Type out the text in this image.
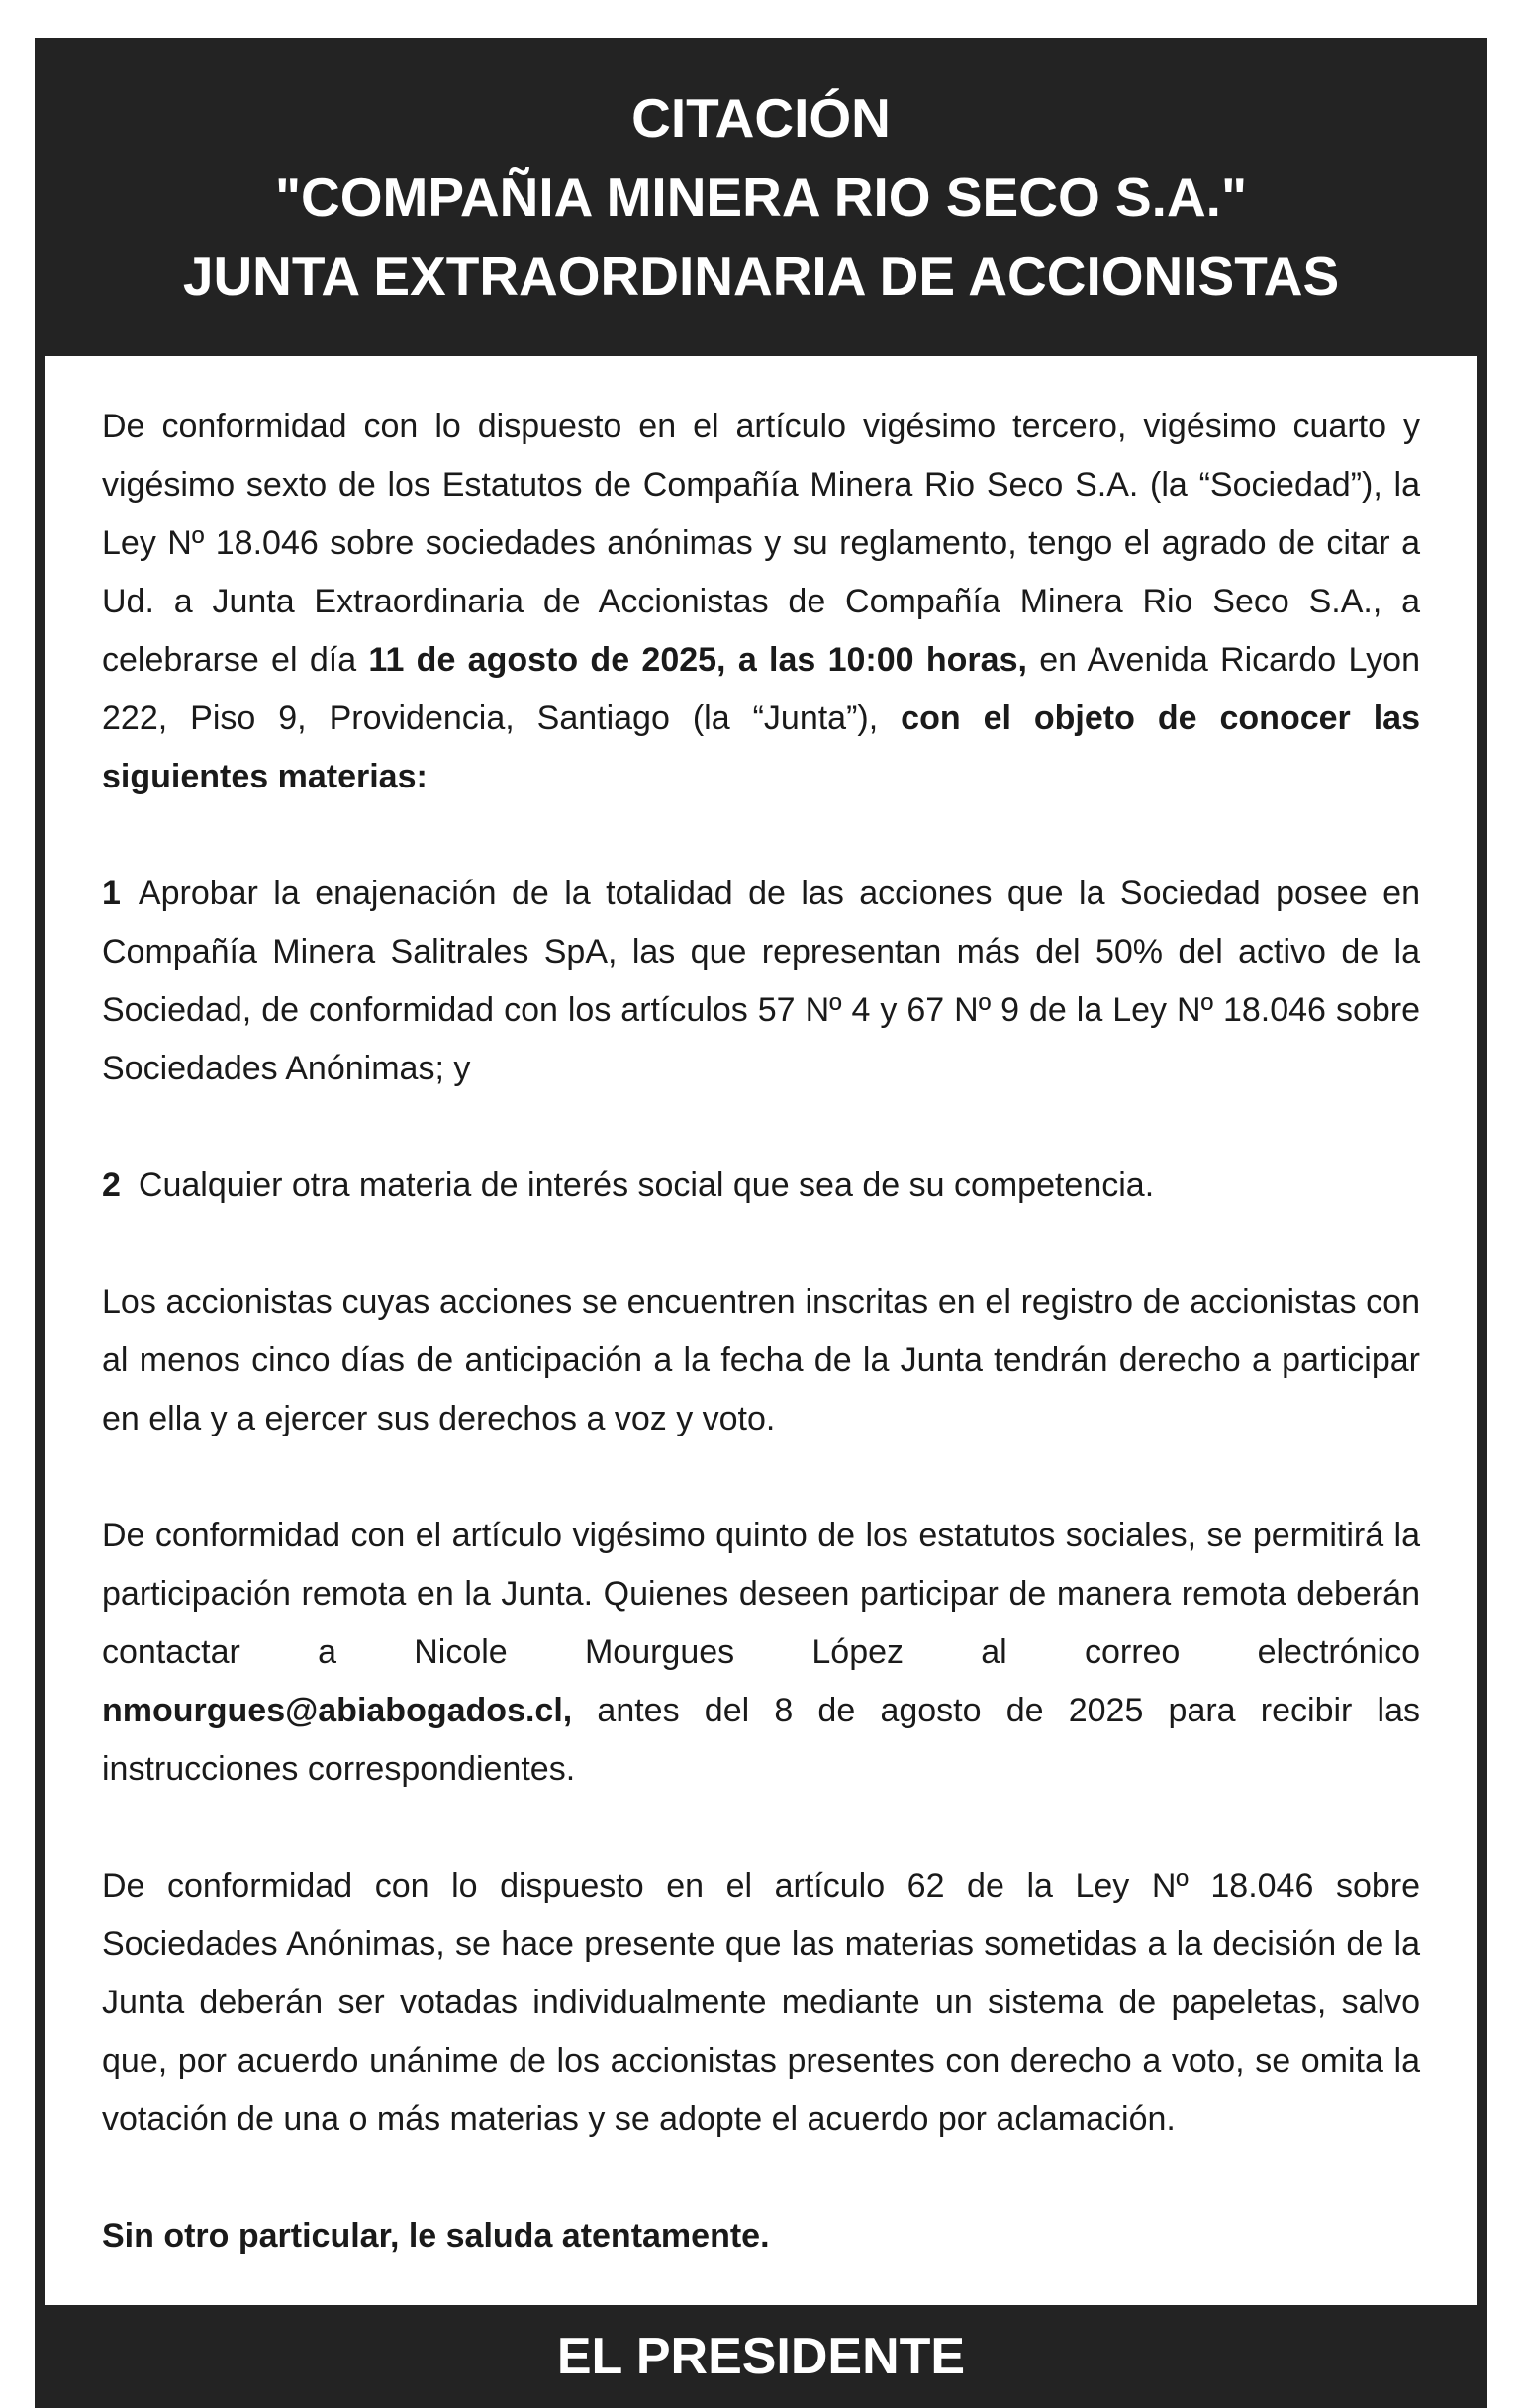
CITACIÓN
"COMPAÑIA MINERA RIO SECO S.A."
JUNTA EXTRAORDINARIA DE ACCIONISTAS

De conformidad con lo dispuesto en el artículo vigésimo tercero, vigésimo cuarto y vigésimo sexto de los Estatutos de Compañía Minera Rio Seco S.A. (la “Sociedad”), la Ley Nº 18.046 sobre sociedades anónimas y su reglamento, tengo el agrado de citar a Ud. a Junta Extraordinaria de Accionistas de Compañía Minera Rio Seco S.A., a celebrarse el día 11 de agosto de 2025, a las 10:00 horas, en Avenida Ricardo Lyon 222, Piso 9, Providencia, Santiago (la “Junta”), con el objeto de conocer las siguientes materias:

1 Aprobar la enajenación de la totalidad de las acciones que la Sociedad posee en Compañía Minera Salitrales SpA, las que representan más del 50% del activo de la Sociedad, de conformidad con los artículos 57 Nº 4 y 67 Nº 9 de la Ley Nº 18.046 sobre Sociedades Anónimas; y

2 Cualquier otra materia de interés social que sea de su competencia.

Los accionistas cuyas acciones se encuentren inscritas en el registro de accionistas con al menos cinco días de anticipación a la fecha de la Junta tendrán derecho a participar en ella y a ejercer sus derechos a voz y voto.

De conformidad con el artículo vigésimo quinto de los estatutos sociales, se permitirá la participación remota en la Junta. Quienes deseen participar de manera remota deberán contactar a Nicole Mourgues López al correo electrónico nmourgues@abiabogados.cl, antes del 8 de agosto de 2025 para recibir las instrucciones correspondientes.

De conformidad con lo dispuesto en el artículo 62 de la Ley Nº 18.046 sobre Sociedades Anónimas, se hace presente que las materias sometidas a la decisión de la Junta deberán ser votadas individualmente mediante un sistema de papeletas, salvo que, por acuerdo unánime de los accionistas presentes con derecho a voto, se omita la votación de una o más materias y se adopte el acuerdo por aclamación.

Sin otro particular, le saluda atentamente.

EL PRESIDENTE
